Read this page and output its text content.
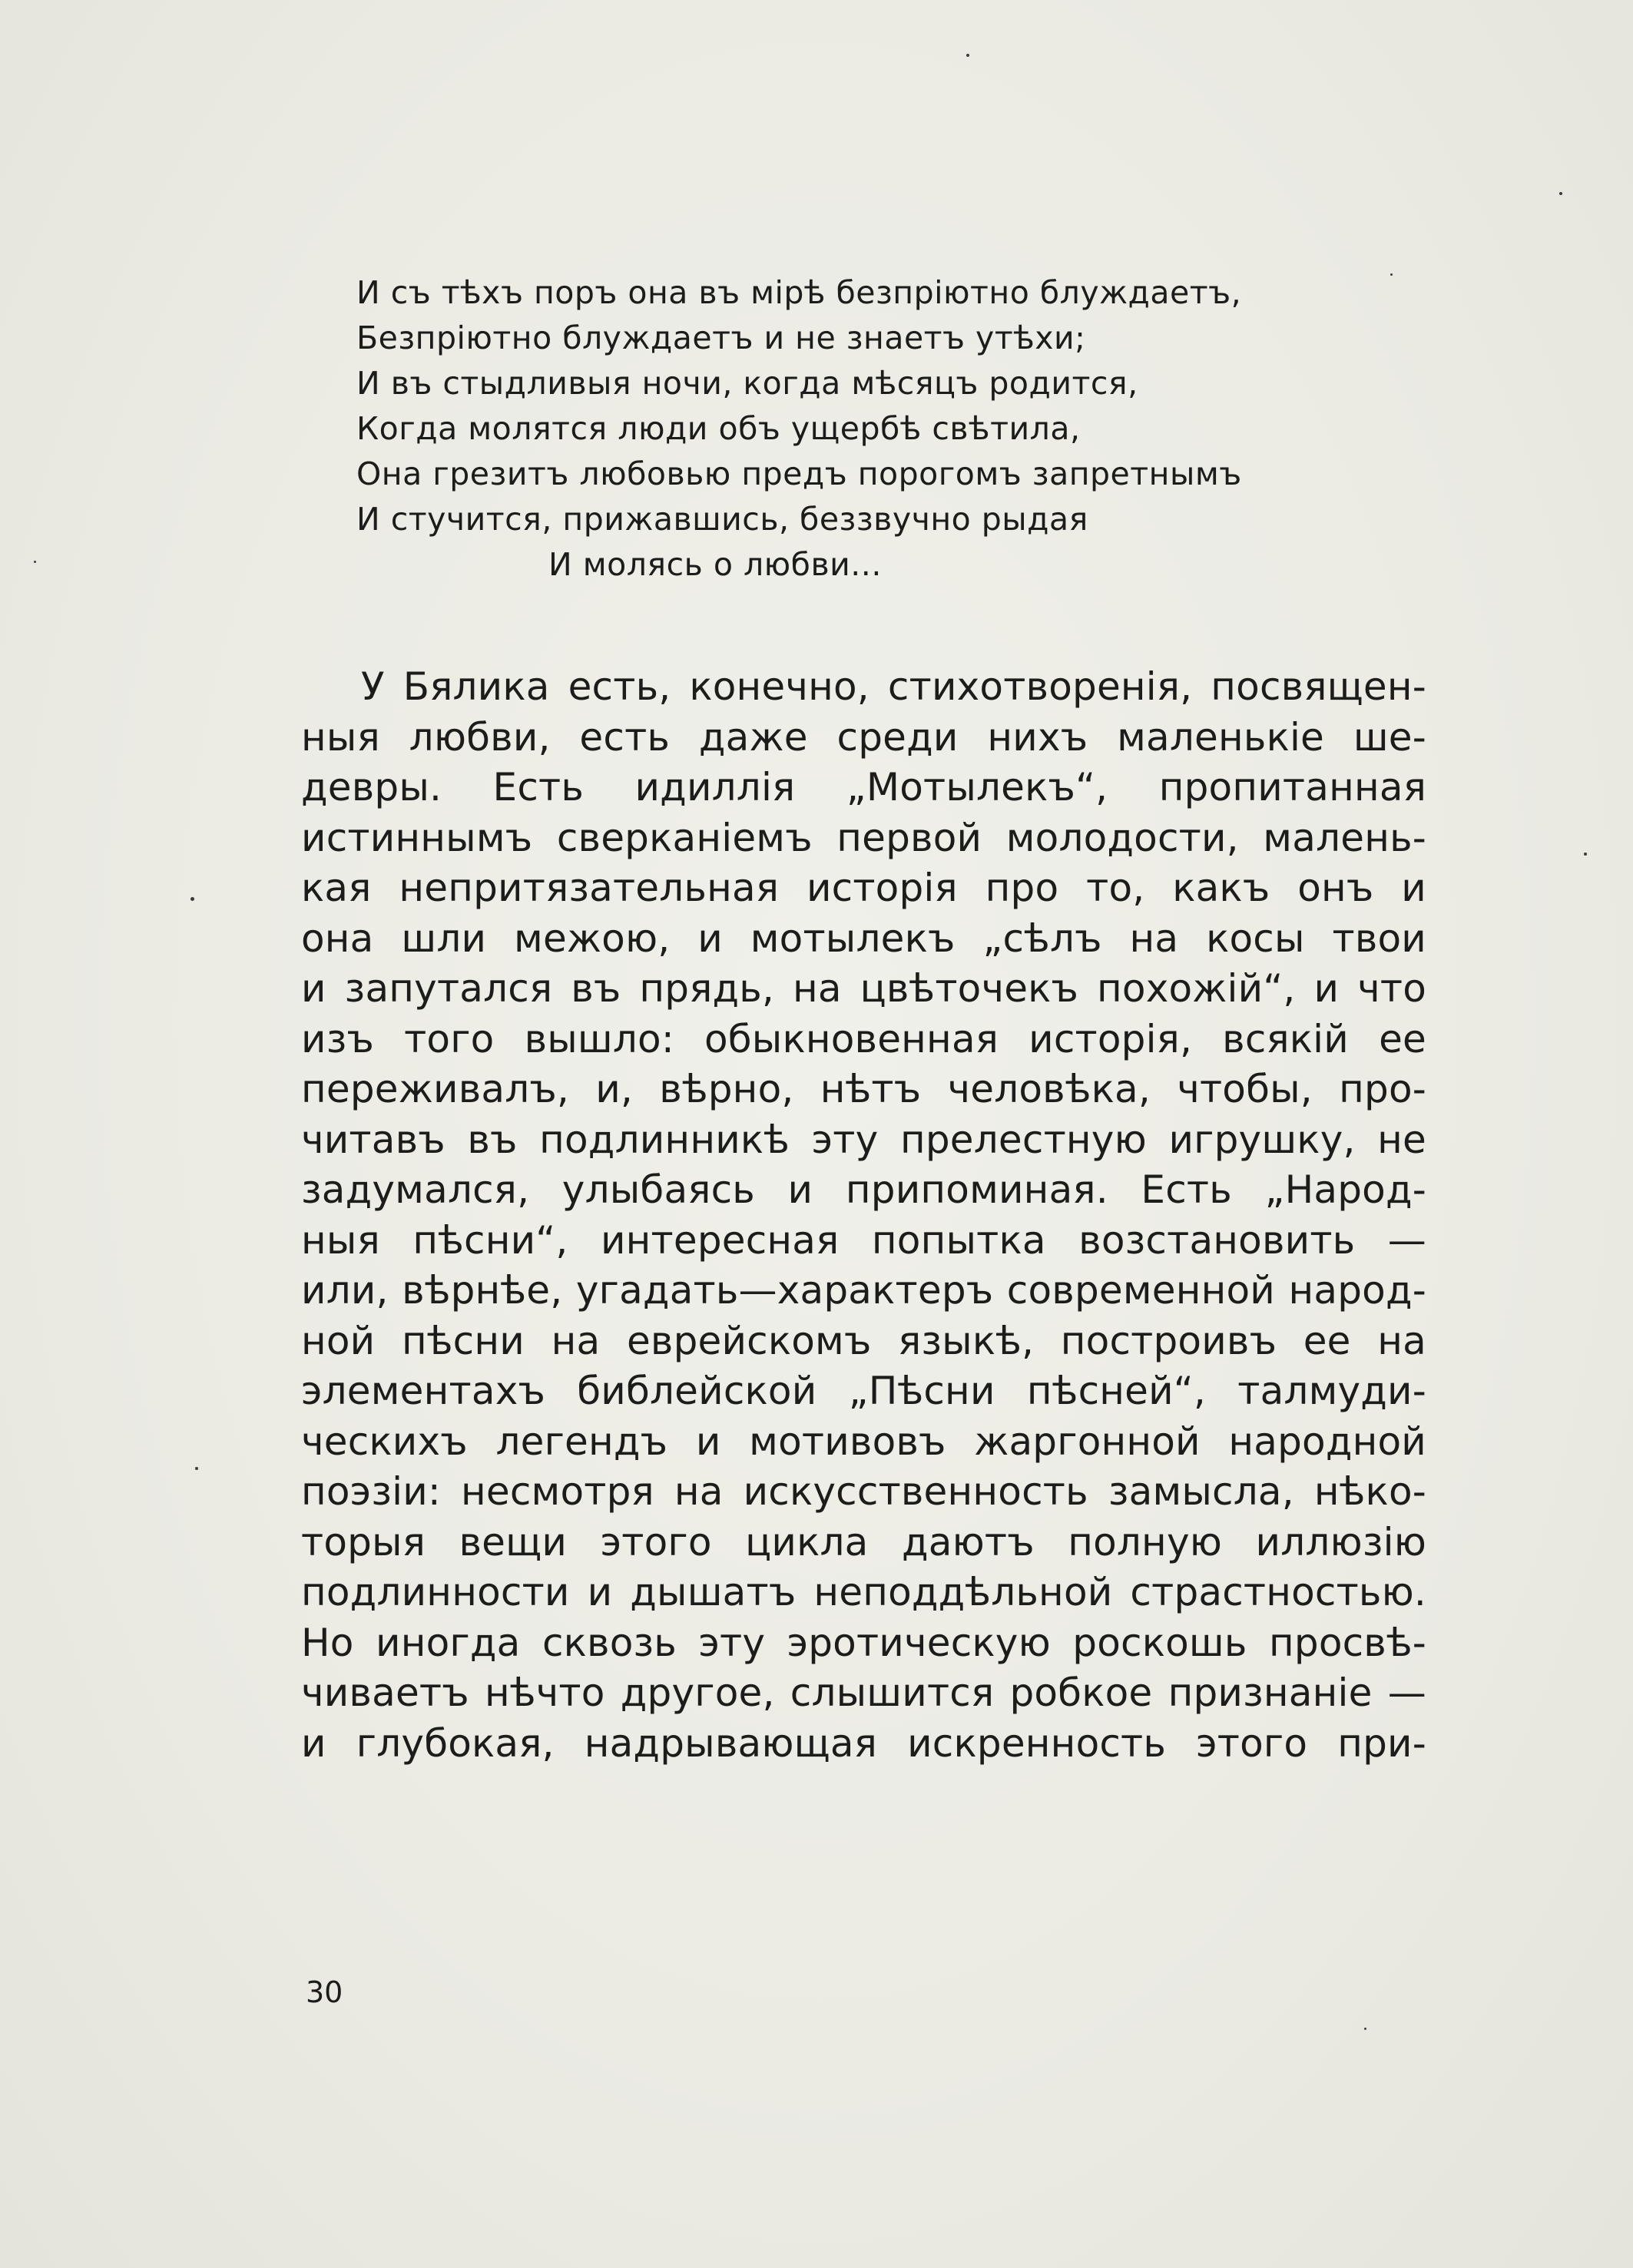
И съ тѣхъ поръ она въ мірѣ безпріютно блуждаетъ,
Безпріютно блуждаетъ и не знаетъ утѣхи;
И въ стыдливыя ночи, когда мѣсяцъ родится,
Когда молятся люди объ ущербѣ свѣтила,
Она грезитъ любовью предъ порогомъ запретнымъ
И стучится, прижавшись, беззвучно рыдая
И молясь о любви...
У Бялика есть, конечно, стихотворенія, посвящен-
ныя любви, есть даже среди нихъ маленькіе ше-
девры. Есть идиллія „Мотылекъ“, пропитанная
истиннымъ сверканіемъ первой молодости, малень-
кая непритязательная исторія про то, какъ онъ и
она шли межою, и мотылекъ „сѣлъ на косы твои
и запутался въ прядь, на цвѣточекъ похожій“, и что
изъ того вышло: обыкновенная исторія, всякій ее
переживалъ, и, вѣрно, нѣтъ человѣка, чтобы, про-
читавъ въ подлинникѣ эту прелестную игрушку, не
задумался, улыбаясь и припоминая. Есть „Народ-
ныя пѣсни“, интересная попытка возстановить —
или, вѣрнѣе, угадать—характеръ современной народ-
ной пѣсни на еврейскомъ языкѣ, построивъ ее на
элементахъ библейской „Пѣсни пѣсней“, талмуди-
ческихъ легендъ и мотивовъ жаргонной народной
поэзіи: несмотря на искусственность замысла, нѣко-
торыя вещи этого цикла даютъ полную иллюзію
подлинности и дышатъ неподдѣльной страстностью.
Но иногда сквозь эту эротическую роскошь просвѣ-
чиваетъ нѣчто другое, слышится робкое признаніе —
и глубокая, надрывающая искренность этого при-
30
